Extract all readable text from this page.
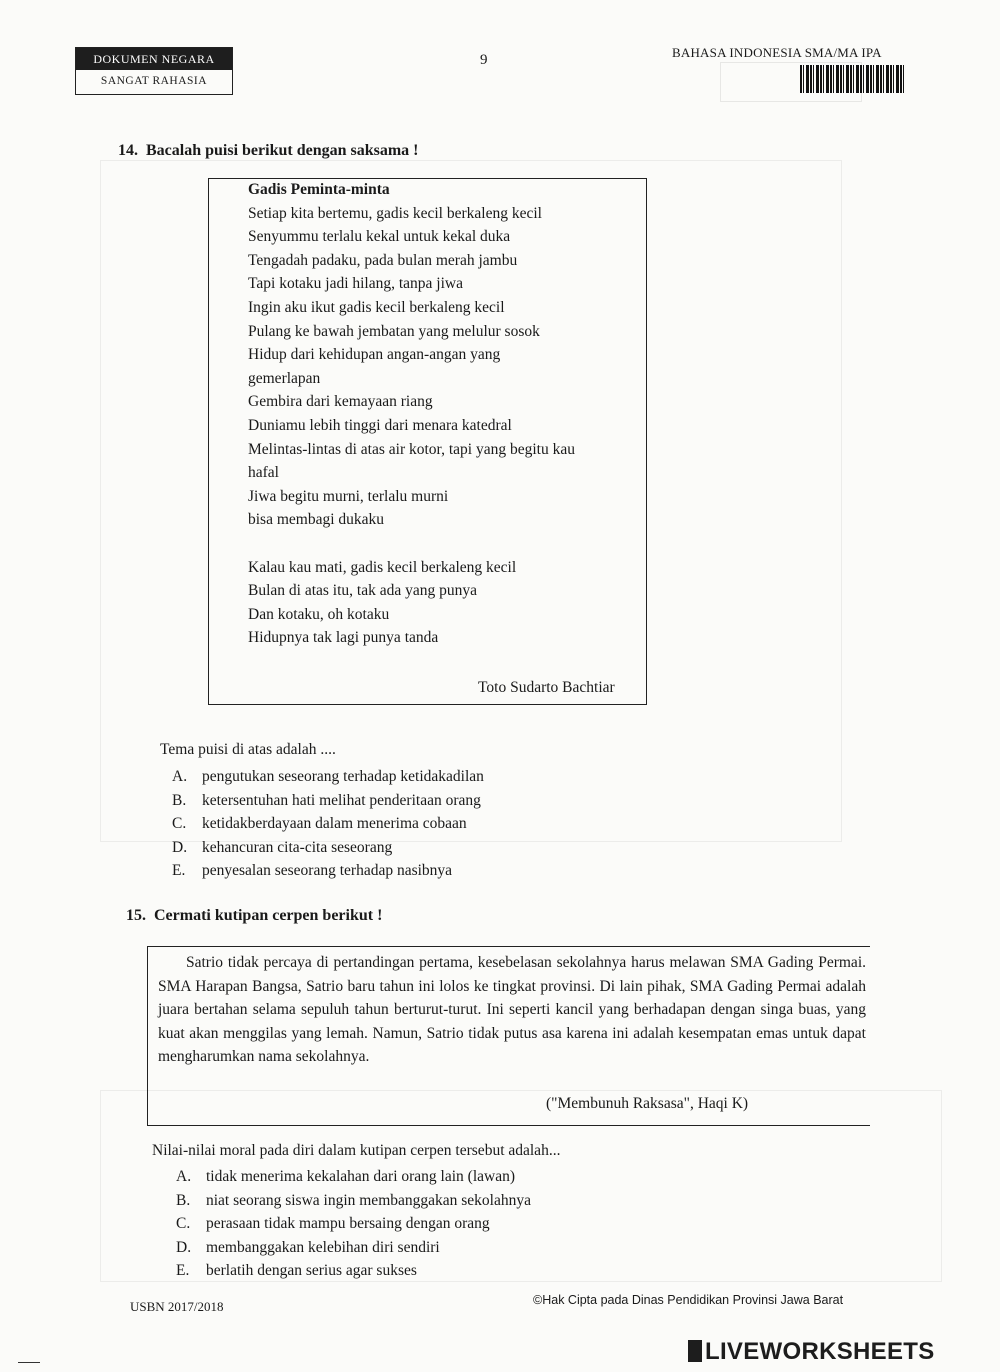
DOKUMEN NEGARA
SANGAT RAHASIA
9	BAHASA INDONESIA SMA/MA IPA
14. Bacalah puisi berikut dengan saksama !
Gadis Peminta-minta
Setiap kita bertemu, gadis kecil berkaleng kecil
Senyummu terlalu kekal untuk kekal duka
Tengadah padaku, pada bulan merah jambu
Tapi kotaku jadi hilang, tanpa jiwa
Ingin aku ikut gadis kecil berkaleng kecil
Pulang ke bawah jembatan yang melulur sosok
Hidup dari kehidupan angan-angan yang
gemerlapan
Gembira dari kemayaan riang
Duniamu lebih tinggi dari menara katedral
Melintas-lintas di atas air kotor, tapi yang begitu kau
hafal
Jiwa begitu murni, terlalu murni
bisa membagi dukaku
Kalau kau mati, gadis kecil berkaleng kecil
Bulan di atas itu, tak ada yang punya
Dan kotaku, oh kotaku
Hidupnya tak lagi punya tanda
Toto Sudarto Bachtiar
Tema puisi di atas adalah ....
A. pengutukan seseorang terhadap ketidakadilan
B. ketersentuhan hati melihat penderitaan orang
C. ketidakberdayaan dalam menerima cobaan
D. kehancuran cita-cita seseorang
E. penyesalan seseorang terhadap nasibnya
15. Cermati kutipan cerpen berikut !
Satrio tidak percaya di pertandingan pertama, kesebelasan sekolahnya harus melawan SMA Gading Permai. SMA Harapan Bangsa, Satrio baru tahun ini lolos ke tingkat provinsi. Di lain pihak, SMA Gading Permai adalah juara bertahan selama sepuluh tahun berturut-turut. Ini seperti kancil yang berhadapan dengan singa buas, yang kuat akan menggilas yang lemah. Namun, Satrio tidak putus asa karena ini adalah kesempatan emas untuk dapat mengharumkan nama sekolahnya.
("Membunuh Raksasa", Haqi K)
Nilai-nilai moral pada diri dalam kutipan cerpen tersebut adalah...
A. tidak menerima kekalahan dari orang lain (lawan)
B. niat seorang siswa ingin membanggakan sekolahnya
C. perasaan tidak mampu bersaing dengan orang
D. membanggakan kelebihan diri sendiri
E. berlatih dengan serius agar sukses
USBN 2017/2018	©Hak Cipta pada Dinas Pendidikan Provinsi Jawa Barat
LIVEWORKSHEETS
